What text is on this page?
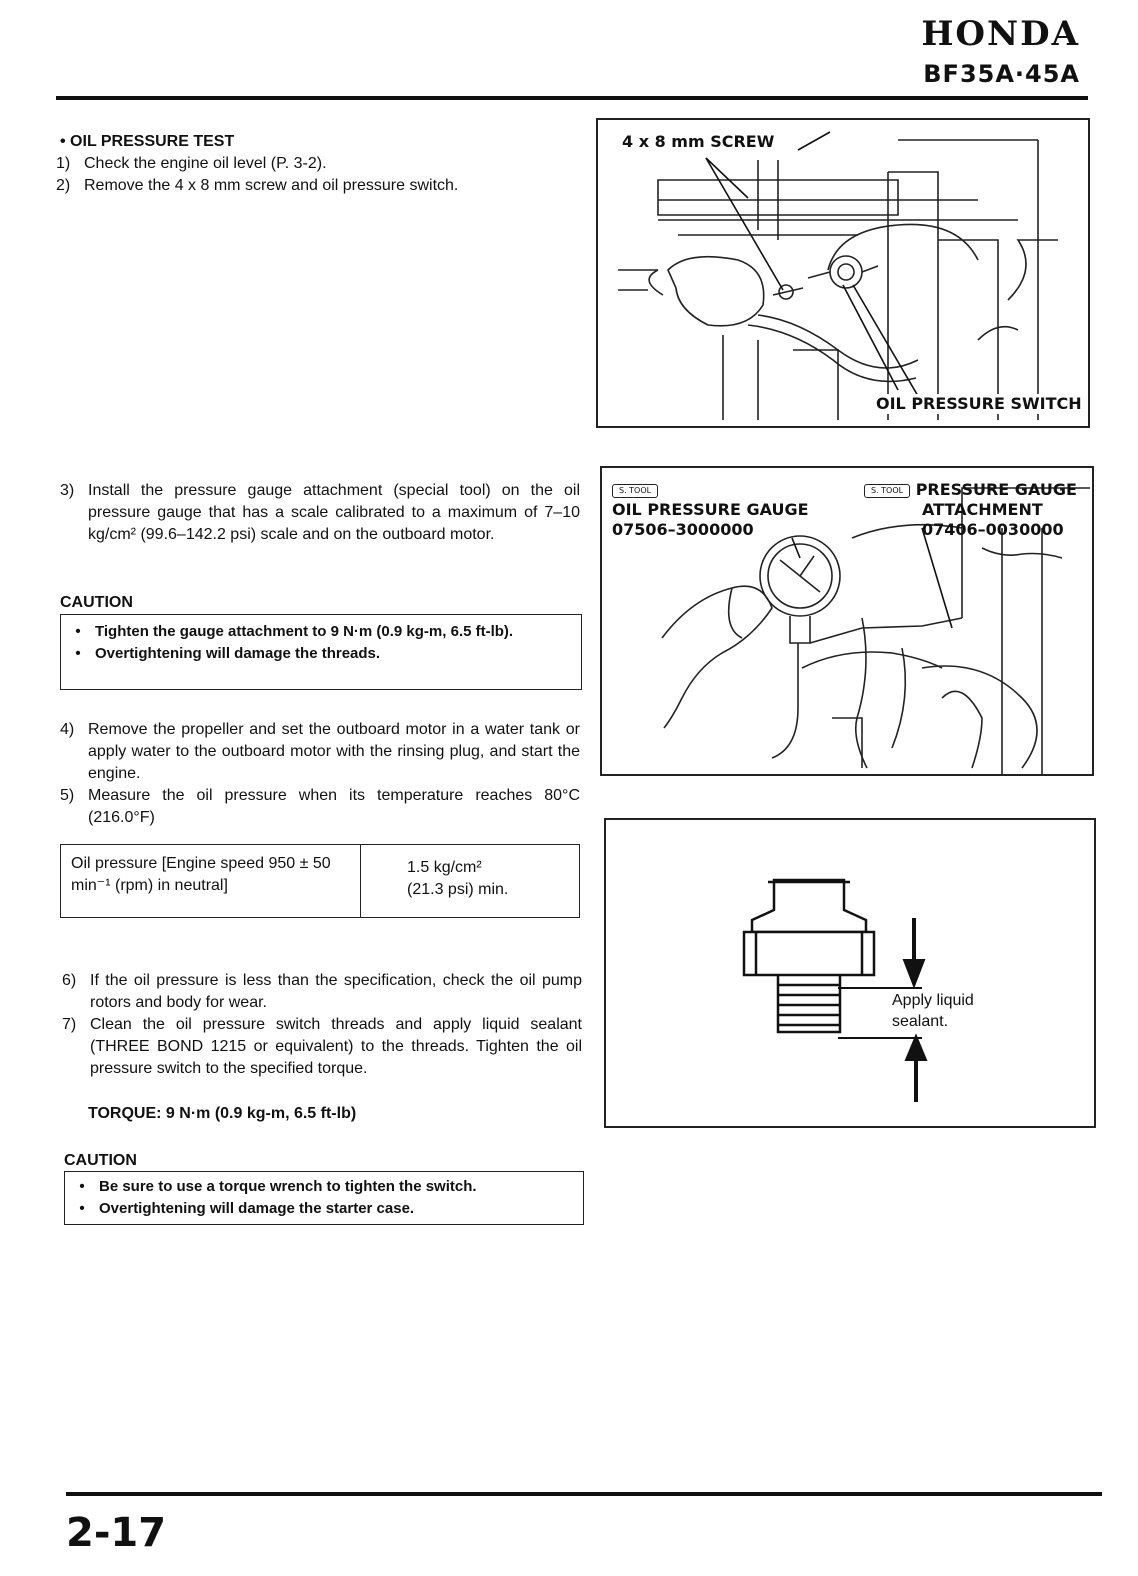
HONDA
BF35A·45A
• OIL PRESSURE TEST
1) Check the engine oil level (P. 3-2).
2) Remove the 4 x 8 mm screw and oil pressure switch.
3) Install the pressure gauge attachment (special tool) on the oil pressure gauge that has a scale calibrated to a maximum of 7–10 kg/cm² (99.6–142.2 psi) scale and on the outboard motor.
CAUTION
• Tighten the gauge attachment to 9 N·m (0.9 kg-m, 6.5 ft-lb).
• Overtightening will damage the threads.
4) Remove the propeller and set the outboard motor in a water tank or apply water to the outboard motor with the rinsing plug, and start the engine.
5) Measure the oil pressure when its temperature reaches 80°C (216.0°F)
Oil pressure [Engine speed 950 ± 50 min⁻¹ (rpm) in neutral]
1.5 kg/cm²
(21.3 psi) min.
6) If the oil pressure is less than the specification, check the oil pump rotors and body for wear.
7) Clean the oil pressure switch threads and apply liquid sealant (THREE BOND 1215 or equivalent) to the threads. Tighten the oil pressure switch to the specified torque.
TORQUE: 9 N·m (0.9 kg-m, 6.5 ft-lb)
CAUTION
• Be sure to use a torque wrench to tighten the switch.
• Overtightening will damage the starter case.
4 x 8 mm SCREW
OIL PRESSURE SWITCH
S. TOOL
OIL PRESSURE GAUGE
07506–3000000
S. TOOL PRESSURE GAUGE
ATTACHMENT
07406–0030000
Apply liquid
sealant.
2-17
